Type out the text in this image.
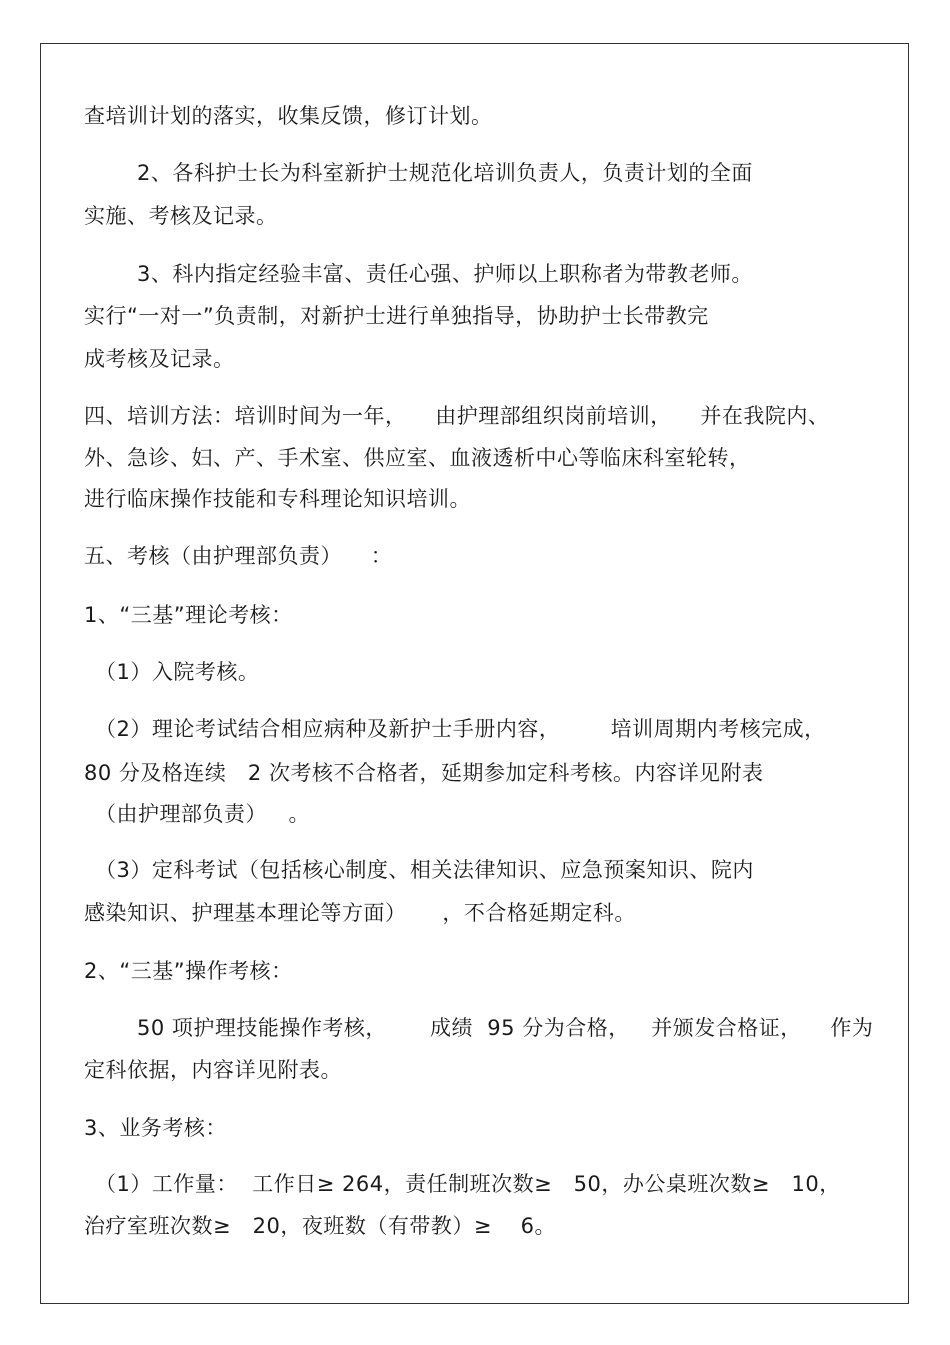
查培训计划的落实，收集反馈，修订计划。
2、各科护士长为科室新护士规范化培训负责人，负责计划的全面
实施、考核及记录。
3、科内指定经验丰富、责任心强、护师以上职称者为带教老师。
实行“一对一”负责制，对新护士进行单独指导，协助护士长带教完
成考核及记录。
四、培训方法：培训时间为一年，    由护理部组织岗前培训，    并在我院内、
外、急诊、妇、产、手术室、供应室、血液透析中心等临床科室轮转，
进行临床操作技能和专科理论知识培训。
五、考核（由护理部负责）    ：
1、“三基”理论考核：
（1）入院考核。
（2）理论考试结合相应病种及新护士手册内容，       培训周期内考核完成，
80 分及格连续   2 次考核不合格者，延期参加定科考核。内容详见附表
（由护理部负责）   。
（3）定科考试（包括核心制度、相关法律知识、应急预案知识、院内
感染知识、护理基本理论等方面）     ，不合格延期定科。
2、“三基”操作考核：
50 项护理技能操作考核，      成绩  95 分为合格，   并颁发合格证，    作为
定科依据，内容详见附表。
3、业务考核：
（1）工作量：  工作日≥ 264，责任制班次数≥   50，办公桌班次数≥   10，
治疗室班次数≥   20，夜班数（有带教）≥    6。
